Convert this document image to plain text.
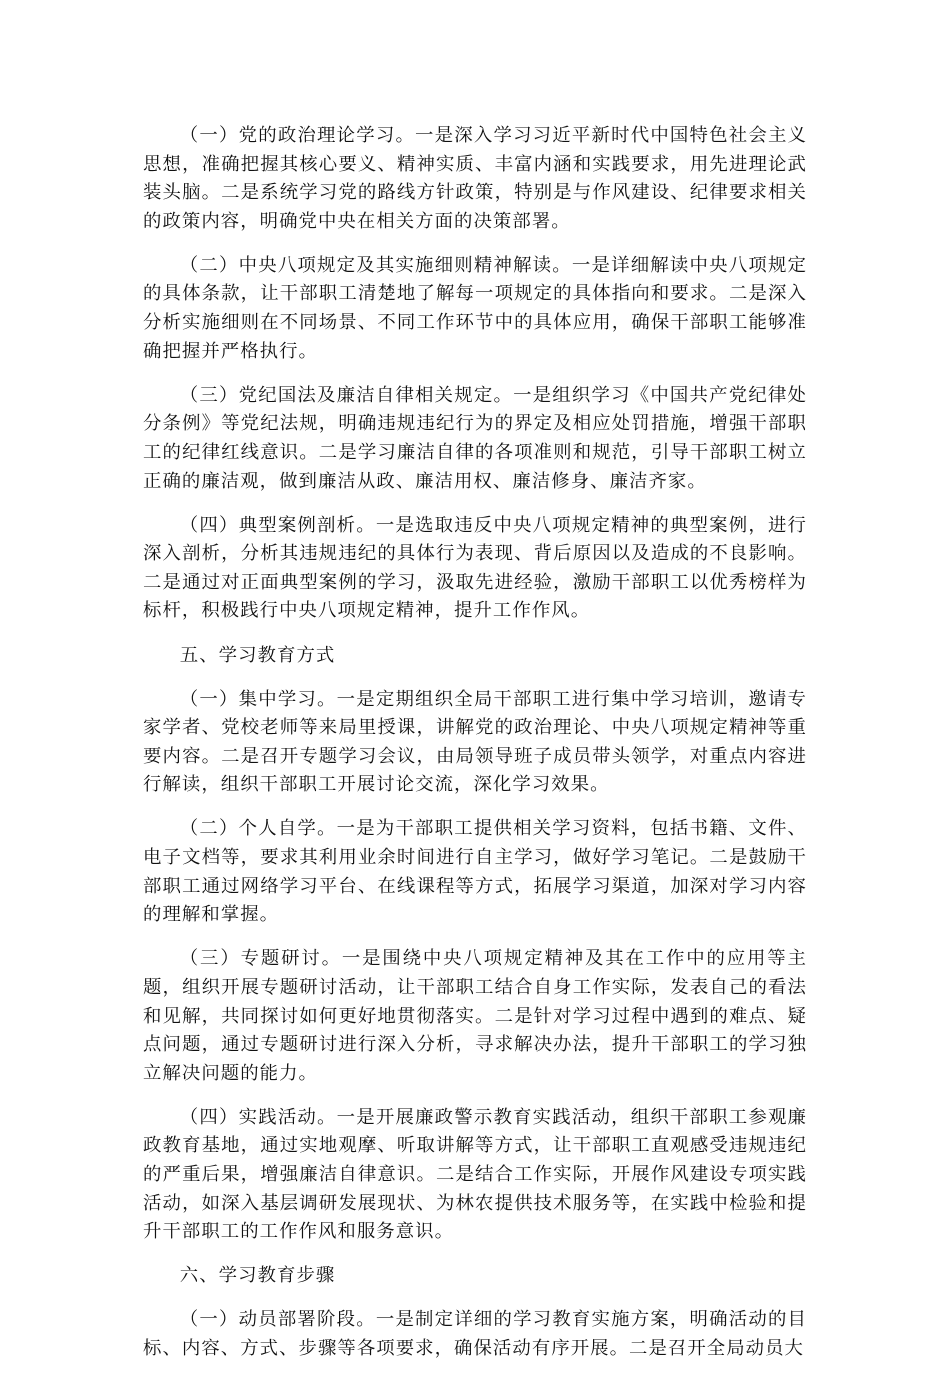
（一）党的政治理论学习。一是深入学习习近平新时代中国特色社会主义思想，准确把握其核心要义、精神实质、丰富内涵和实践要求，用先进理论武装头脑。二是系统学习党的路线方针政策，特别是与作风建设、纪律要求相关的政策内容，明确党中央在相关方面的决策部署。

（二）中央八项规定及其实施细则精神解读。一是详细解读中央八项规定的具体条款，让干部职工清楚地了解每一项规定的具体指向和要求。二是深入分析实施细则在不同场景、不同工作环节中的具体应用，确保干部职工能够准确把握并严格执行。

（三）党纪国法及廉洁自律相关规定。一是组织学习《中国共产党纪律处分条例》等党纪法规，明确违规违纪行为的界定及相应处罚措施，增强干部职工的纪律红线意识。二是学习廉洁自律的各项准则和规范，引导干部职工树立正确的廉洁观，做到廉洁从政、廉洁用权、廉洁修身、廉洁齐家。

（四）典型案例剖析。一是选取违反中央八项规定精神的典型案例，进行深入剖析，分析其违规违纪的具体行为表现、背后原因以及造成的不良影响。二是通过对正面典型案例的学习，汲取先进经验，激励干部职工以优秀榜样为标杆，积极践行中央八项规定精神，提升工作作风。

五、学习教育方式

（一）集中学习。一是定期组织全局干部职工进行集中学习培训，邀请专家学者、党校老师等来局里授课，讲解党的政治理论、中央八项规定精神等重要内容。二是召开专题学习会议，由局领导班子成员带头领学，对重点内容进行解读，组织干部职工开展讨论交流，深化学习效果。

（二）个人自学。一是为干部职工提供相关学习资料，包括书籍、文件、电子文档等，要求其利用业余时间进行自主学习，做好学习笔记。二是鼓励干部职工通过网络学习平台、在线课程等方式，拓展学习渠道，加深对学习内容的理解和掌握。

（三）专题研讨。一是围绕中央八项规定精神及其在工作中的应用等主题，组织开展专题研讨活动，让干部职工结合自身工作实际，发表自己的看法和见解，共同探讨如何更好地贯彻落实。二是针对学习过程中遇到的难点、疑点问题，通过专题研讨进行深入分析，寻求解决办法，提升干部职工的学习独立解决问题的能力。

（四）实践活动。一是开展廉政警示教育实践活动，组织干部职工参观廉政教育基地，通过实地观摩、听取讲解等方式，让干部职工直观感受违规违纪的严重后果，增强廉洁自律意识。二是结合工作实际，开展作风建设专项实践活动，如深入基层调研发展现状、为林农提供技术服务等，在实践中检验和提升干部职工的工作作风和服务意识。

六、学习教育步骤

（一）动员部署阶段。一是制定详细的学习教育实施方案，明确活动的目标、内容、方式、步骤等各项要求，确保活动有序开展。二是召开全局动员大
